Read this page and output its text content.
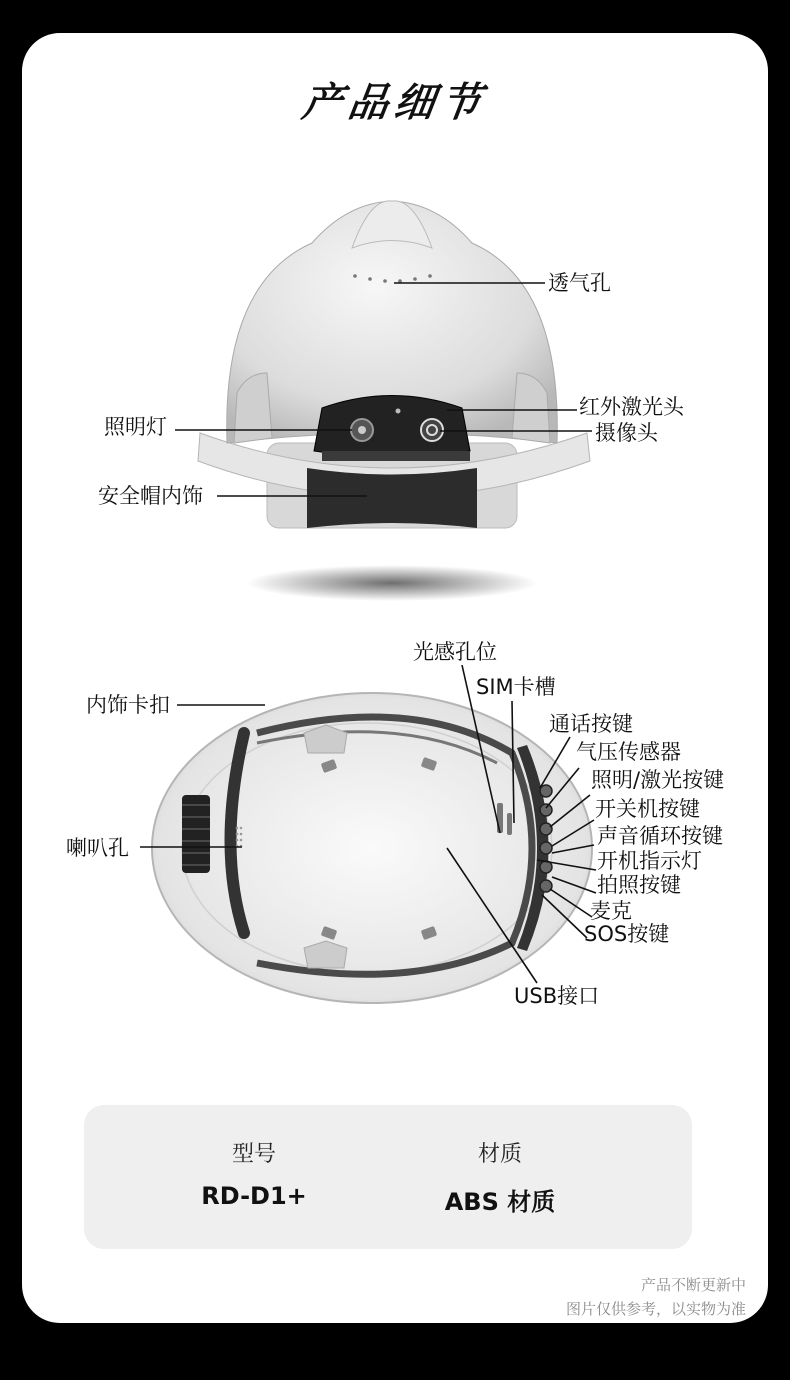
产品细节
透气孔
红外激光头
摄像头
照明灯
安全帽内饰
光感孔位
SIM卡槽
内饰卡扣
通话按键
气压传感器
照明/激光按键
开关机按键
声音循环按键
开机指示灯
拍照按键
麦克
SOS按键
喇叭孔
USB接口
型号
RD-D1+
材质
ABS 材质
产品不断更新中
图片仅供参考，以实物为准
